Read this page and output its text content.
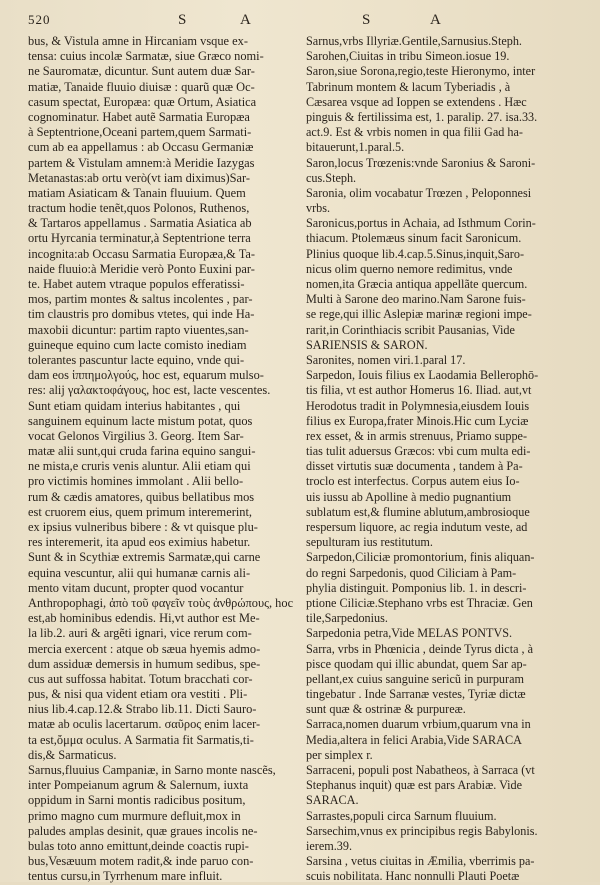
520	S	A	S	A
bus, & Vistula amne in Hircaniam vsque ex-
tensa: cuius incolæ Sarmatæ, siue Græco nomi-
ne Sauromatæ, dicuntur. Sunt autem duæ Sar-
matiæ, Tanaide fluuio diuisæ : quarũ quæ Oc-
casum spectat, Europæa: quæ Ortum, Asiatica
cognominatur. Habet autẽ Sarmatia Europæa
à Septentrione,Oceani partem,quem Sarmati-
cum ab ea appellamus : ab Occasu Germaniæ
partem & Vistulam amnem:à Meridie Iazygas
Metanastas:ab ortu verò(vt iam diximus)Sar-
matiam Asiaticam & Tanain fluuium. Quem
tractum hodie tenẽt,quos Polonos, Ruthenos,
& Tartaros appellamus . Sarmatia Asiatica ab
ortu Hyrcania terminatur,à Septentrione terra
incognita:ab Occasu Sarmatia Europæa,& Ta-
naide fluuio:à Meridie verò Ponto Euxini par-
te. Habet autem vtraque populos efferatissi-
mos, partim montes & saltus incolentes , par-
tim claustris pro domibus vtetes, qui inde Ha-
maxobii dicuntur: partim rapto viuentes,san-
guineque equino cum lacte comisto inediam
tolerantes pascuntur lacte equino, vnde qui-
dam eos ἱππημολγούς, hoc est, equarum mulso-
res: alij γαλακτοφάγους, hoc est, lacte vescentes.
Sunt etiam quidam interius habitantes , qui
sanguinem equinum lacte mistum potat, quos
vocat Gelonos Virgilius 3. Georg. Item Sar-
matæ alii sunt,qui cruda farina equino sangui-
ne mista,e cruris venis aluntur. Alii etiam qui
pro victimis homines immolant . Alii bello-
rum & cædis amatores, quibus bellatibus mos
est cruorem eius, quem primum interemerint,
ex ipsius vulneribus bibere : & vt quisque plu-
res interemerit, ita apud eos eximius habetur.
Sunt & in Scythiæ extremis Sarmatæ,qui carne
equina vescuntur, alii qui humanæ carnis ali-
mento vitam ducunt, propter quod vocantur
Anthropophagi, ἀπὸ τοῦ φαγεῖν τοὺς ἀνθρώπους, hoc
est,ab hominibus edendis. Hi,vt author est Me-
la lib.2. auri & argẽti ignari, vice rerum com-
mercia exercent : atque ob sæua hyemis admo-
dum assiduæ demersis in humum sedibus, spe-
cus aut suffossa habitat. Totum bracchati cor-
pus, & nisi qua vident etiam ora vestiti . Pli-
nius lib.4.cap.12.& Strabo lib.11. Dicti Sauro-
matæ ab oculis lacertarum. σαῦρος enim lacer-
ta est,ὄμμα oculus. A Sarmatia fit Sarmatis,ti-
dis,& Sarmaticus.
Sarnus,fluuius Campaniæ, in Sarno monte nascẽs,
inter Pompeianum agrum & Salernum, iuxta
oppidum in Sarni montis radicibus positum,
primo magno cum murmure defluit,mox in
paludes amplas desinit, quæ graues incolis ne-
bulas toto anno emittunt,deinde coactis rupi-
bus,Vesæuum motem radit,& inde paruo con-
tentus cursu,in Tyrrhenum mare influit.
Sarnus,vrbs Illyriæ.Gentile,Sarnusius.Steph.
Sarohen,Ciuitas in tribu Simeon.iosue 19.
Saron,siue Sorona,regio,teste Hieronymo, inter
Tabrinum montem & lacum Tyberiadis , à
Cæsarea vsque ad Ioppen se extendens . Hæc
pinguis & fertilissima est, 1. paralip. 27. isa.33.
act.9. Est & vrbis nomen in qua filii Gad ha-
bitauerunt,1.paral.5.
Saron,locus Trœzenis:vnde Saronius & Saroni-
cus.Steph.
Saronia, olim vocabatur Trœzen , Peloponnesi
vrbs.
Saronicus,portus in Achaia, ad Isthmum Corin-
thiacum. Ptolemæus sinum facit Saronicum.
Plinius quoque lib.4.cap.5.Sinus,inquit,Saro-
nicus olim querno nemore redimitus, vnde
nomen,ita Græcia antiqua appellãte quercum.
Multi à Sarone deo marino.Nam Sarone fuis-
se rege,qui illic Aslepiæ marinæ regioni impe-
rarit,in Corinthiacis scribit Pausanias, Vide
SARIENSIS & SARON.
Saronites, nomen viri.1.paral 17.
Sarpedon, Iouis filius ex Laodamia Bellerophō-
tis filia, vt est author Homerus 16. Iliad. aut,vt
Herodotus tradit in Polymnesia,eiusdem Iouis
filius ex Europa,frater Minois.Hic cum Lyciæ
rex esset, & in armis strenuus, Priamo suppe-
tias tulit aduersus Græcos: vbi cum multa edi-
disset virtutis suæ documenta , tandem à Pa-
troclo est interfectus. Corpus autem eius Io-
uis iussu ab Apolline à medio pugnantium
sublatum est,& flumine ablutum,ambrosioque
respersum liquore, ac regia indutum veste, ad
sepulturam ius restitutum.
Sarpedon,Ciliciæ promontorium, finis aliquan-
do regni Sarpedonis, quod Ciliciam à Pam-
phylia distinguit. Pomponius lib. 1. in descri-
ptione Ciliciæ.Stephano vrbs est Thraciæ. Gen
tile,Sarpedonius.
Sarpedonia petra,Vide MELAS PONTVS.
Sarra, vrbs in Phœnicia , deinde Tyrus dicta , à
pisce quodam qui illic abundat, quem Sar ap-
pellant,ex cuius sanguine sericũ in purpuram
tingebatur . Inde Sarranæ vestes, Tyriæ dictæ
sunt quæ & ostrinæ & purpureæ.
Sarraca,nomen duarum vrbium,quarum vna in
Media,altera in felici Arabia,Vide SARACA
per simplex r.
Sarraceni, populi post Nabatheos, à Sarraca (vt
Stephanus inquit) quæ est pars Arabiæ. Vide
SARACA.
Sarrastes,populi circa Sarnum fluuium.
Sarsechim,vnus ex principibus regis Babylonis.
ierem.39.
Sarsina , vetus ciuitas in Æmilia, vberrimis pa-
scuis nobilitata. Hanc nonnulli Plauti Poetæ
